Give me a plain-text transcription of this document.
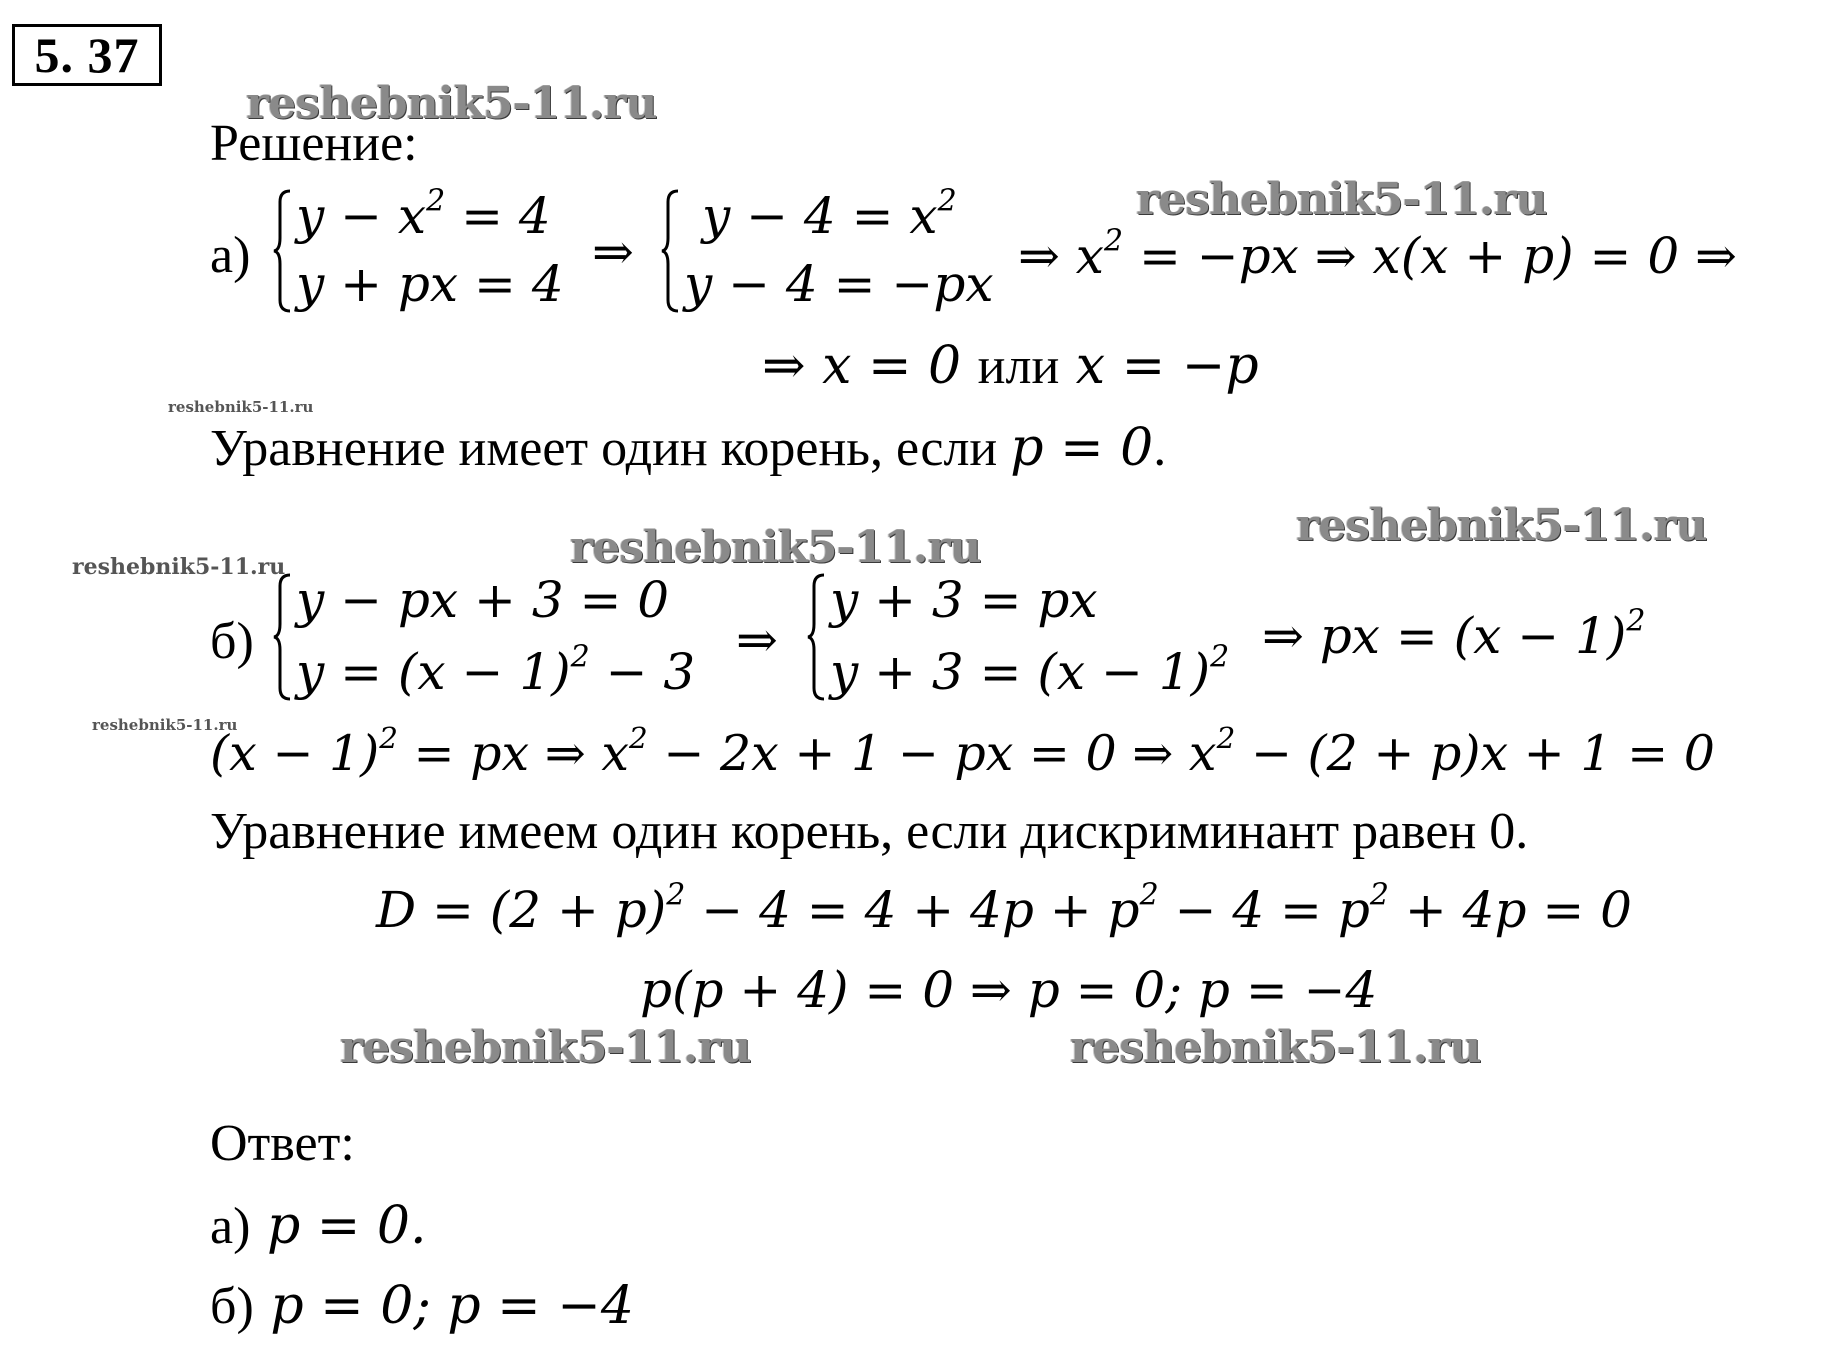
5. 37
reshebnik5-11.ru
reshebnik5-11.ru
reshebnik5-11.ru
reshebnik5-11.ru
reshebnik5-11.ru
reshebnik5-11.ru
reshebnik5-11.ru
reshebnik5-11.ru	reshebnik5-11.ru
Решение:
а)
$y - x^2 = 4$
y + px = 4
⇒
$y - 4 = x^2$
y − 4 = −px ⇒ $x^2 = -px$ ⇒ x(x + p) = 0 ⇒
⇒ x = 0 или x = −p
Уравнение имеет один корень, если p = 0.
б)
y − px + 3 = 0
$y = (x - 1)^2 - 3$
⇒
y + 3 = px
$y + 3 = (x - 1)^2$ ⇒ px = $(x - 1)^2$
$(x - 1)^2$ = px ⇒ $x^2 - 2x + 1$ − px = 0 ⇒ $x^2 - (2 + p)x + 1 = 0$
Уравнение имеем один корень, если дискриминант равен 0.
$D = (2 + p)^2 - 4 = 4 + 4p + p^2 - 4 = p^2 + 4p = 0$
p(p + 4) = 0 ⇒ p = 0; p = −4
Ответ:
а) p = 0.
б) p = 0; p = −4
